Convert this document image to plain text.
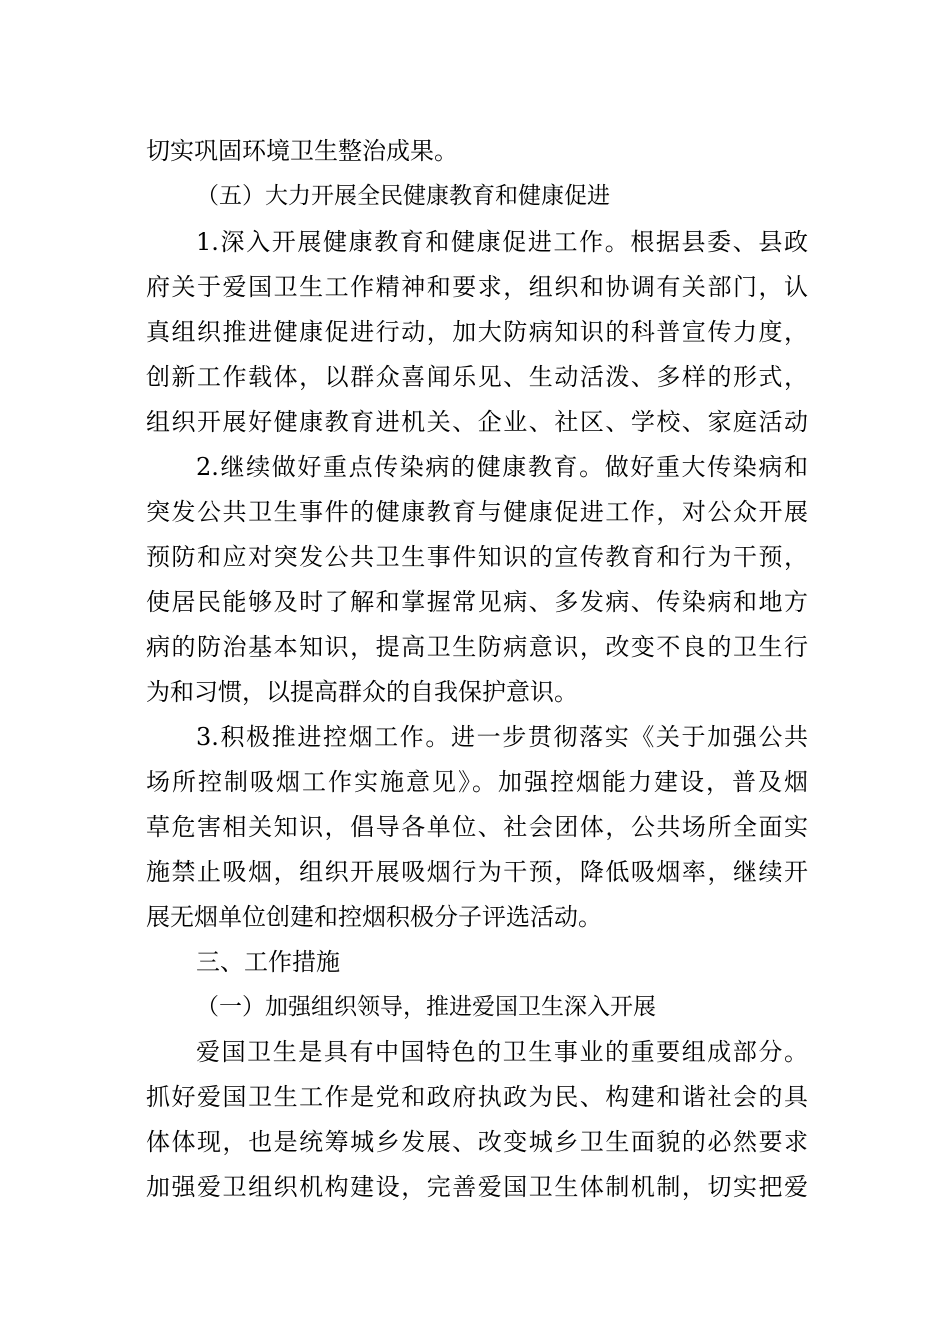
切实巩固环境卫生整治成果。
（五）大力开展全民健康教育和健康促进
1.深入开展健康教育和健康促进工作。根据县委、县政
府关于爱国卫生工作精神和要求，组织和协调有关部门，认
真组织推进健康促进行动，加大防病知识的科普宣传力度，
创新工作载体，以群众喜闻乐见、生动活泼、多样的形式，
组织开展好健康教育进机关、企业、社区、学校、家庭活动
2.继续做好重点传染病的健康教育。做好重大传染病和
突发公共卫生事件的健康教育与健康促进工作，对公众开展
预防和应对突发公共卫生事件知识的宣传教育和行为干预，
使居民能够及时了解和掌握常见病、多发病、传染病和地方
病的防治基本知识，提高卫生防病意识，改变不良的卫生行
为和习惯，以提高群众的自我保护意识。
3.积极推进控烟工作。进一步贯彻落实《关于加强公共
场所控制吸烟工作实施意见》。加强控烟能力建设，普及烟
草危害相关知识，倡导各单位、社会团体，公共场所全面实
施禁止吸烟，组织开展吸烟行为干预，降低吸烟率，继续开
展无烟单位创建和控烟积极分子评选活动。
三、工作措施
（一）加强组织领导，推进爱国卫生深入开展
爱国卫生是具有中国特色的卫生事业的重要组成部分。
抓好爱国卫生工作是党和政府执政为民、构建和谐社会的具
体体现，也是统筹城乡发展、改变城乡卫生面貌的必然要求
加强爱卫组织机构建设，完善爱国卫生体制机制，切实把爱
